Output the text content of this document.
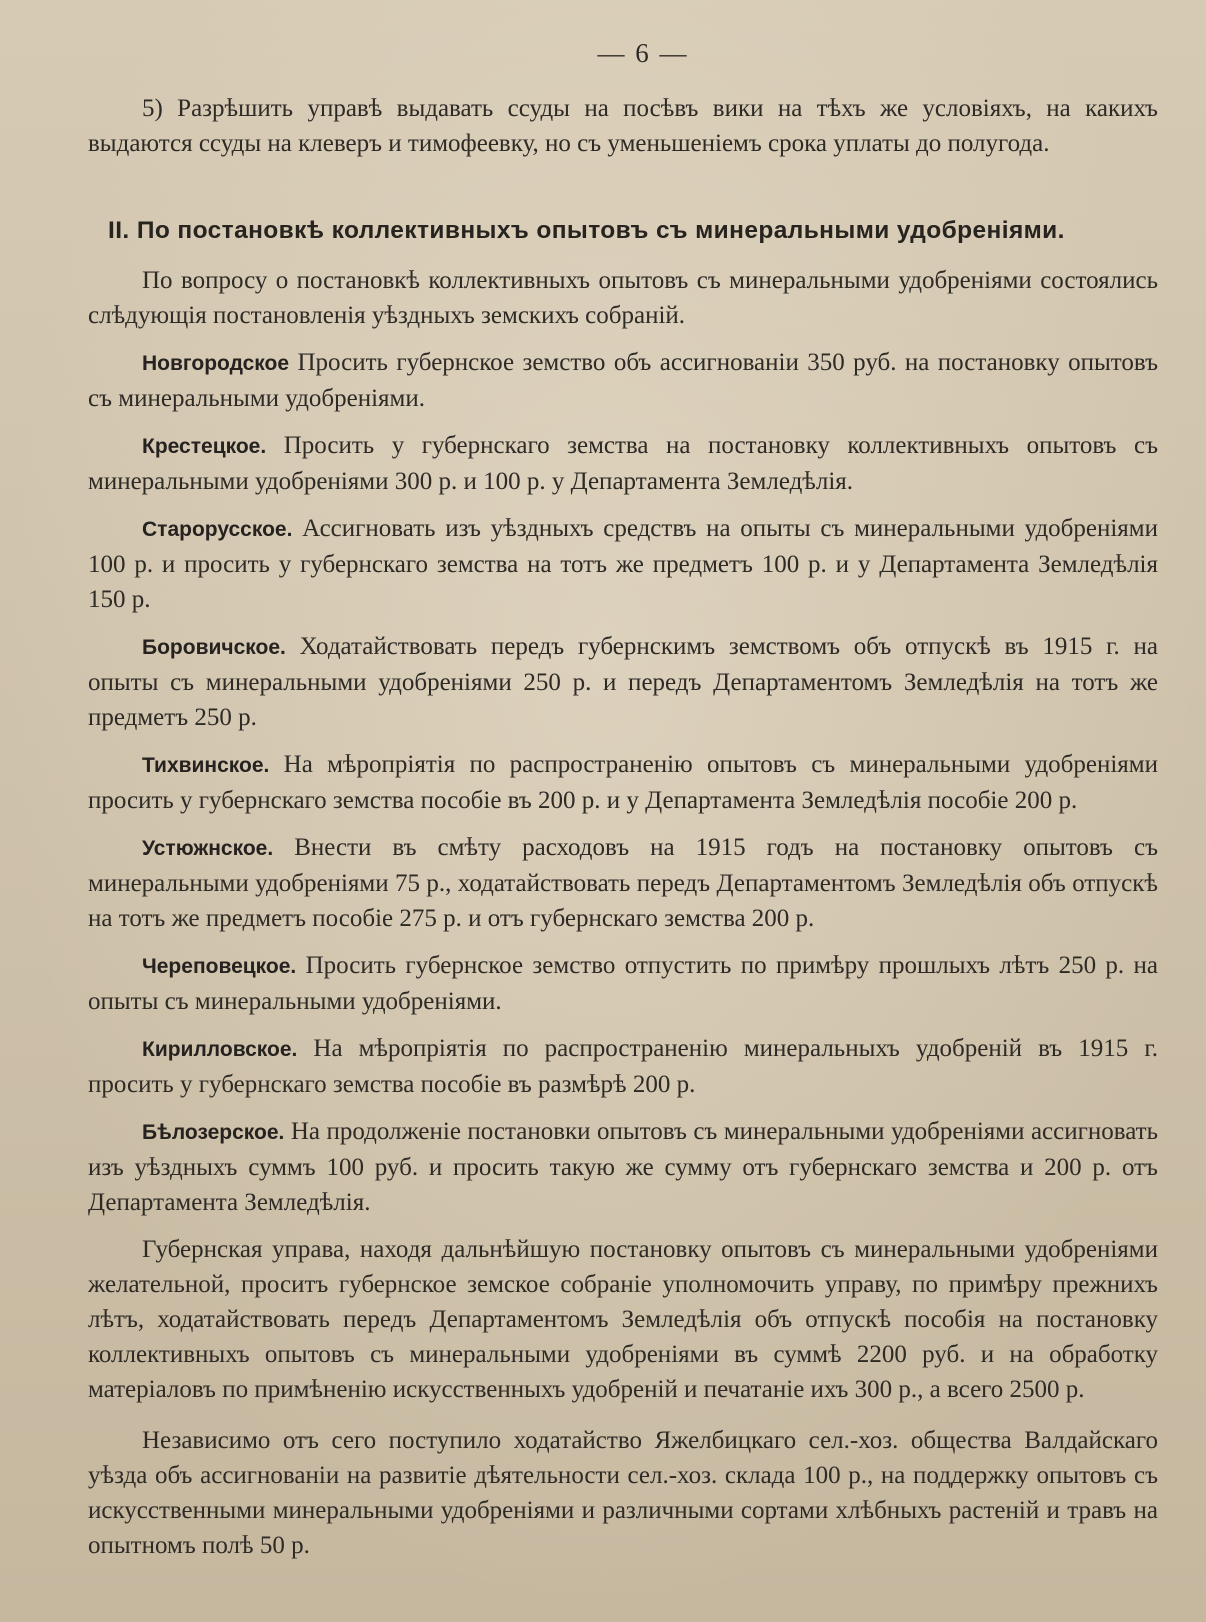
— 6 —

5) Разрѣшить управѣ выдавать ссуды на посѣвъ вики на тѣхъ же условіяхъ, на какихъ выдаются ссуды на клеверъ и тимофеевку, но съ уменьшеніемъ срока уплаты до полугода.

II. По постановкѣ коллективныхъ опытовъ съ минеральными удобреніями.

По вопросу о постановкѣ коллективныхъ опытовъ съ минеральными удобреніями состоялись слѣдующія постановленія уѣздныхъ земскихъ собраній.

Новгородское Просить губернское земство объ ассигнованіи 350 руб. на постановку опытовъ съ минеральными удобреніями.

Крестецкое. Просить у губернскаго земства на постановку коллективныхъ опытовъ съ минеральными удобреніями 300 р. и 100 р. у Департамента Земледѣлія.

Старорусское. Ассигновать изъ уѣздныхъ средствъ на опыты съ минеральными удобреніями 100 р. и просить у губернскаго земства на тотъ же предметъ 100 р. и у Департамента Земледѣлія 150 р.

Боровичское. Ходатайствовать передъ губернскимъ земствомъ объ отпускѣ въ 1915 г. на опыты съ минеральными удобреніями 250 р. и передъ Департаментомъ Земледѣлія на тотъ же предметъ 250 р.

Тихвинское. На мѣропріятія по распространенію опытовъ съ минеральными удобреніями просить у губернскаго земства пособіе въ 200 р. и у Департамента Земледѣлія пособіе 200 р.

Устюжнское. Внести въ смѣту расходовъ на 1915 годъ на постановку опытовъ съ минеральными удобреніями 75 р., ходатайствовать передъ Департаментомъ Земледѣлія объ отпускѣ на тотъ же предметъ пособіе 275 р. и отъ губернскаго земства 200 р.

Череповецкое. Просить губернское земство отпустить по примѣру прошлыхъ лѣтъ 250 р. на опыты съ минеральными удобреніями.

Кирилловское. На мѣропріятія по распространенію минеральныхъ удобреній въ 1915 г. просить у губернскаго земства пособіе въ размѣрѣ 200 р.

Бѣлозерское. На продолженіе постановки опытовъ съ минеральными удобреніями ассигновать изъ уѣздныхъ суммъ 100 руб. и просить такую же сумму отъ губернскаго земства и 200 р. отъ Департамента Земледѣлія.

Губернская управа, находя дальнѣйшую постановку опытовъ съ минеральными удобреніями желательной, проситъ губернское земское собраніе уполномочить управу, по примѣру прежнихъ лѣтъ, ходатайствовать передъ Департаментомъ Земледѣлія объ отпускѣ пособія на постановку коллективныхъ опытовъ съ минеральными удобреніями въ суммѣ 2200 руб. и на обработку матеріаловъ по примѣненію искусственныхъ удобреній и печатаніе ихъ 300 р., а всего 2500 р.

Независимо отъ сего поступило ходатайство Яжелбицкаго сел.-хоз. общества Валдайскаго уѣзда объ ассигнованіи на развитіе дѣятельности сел.-хоз. склада 100 р., на поддержку опытовъ съ искусственными минеральными удобреніями и различными сортами хлѣбныхъ растеній и травъ на опытномъ полѣ 50 р.
